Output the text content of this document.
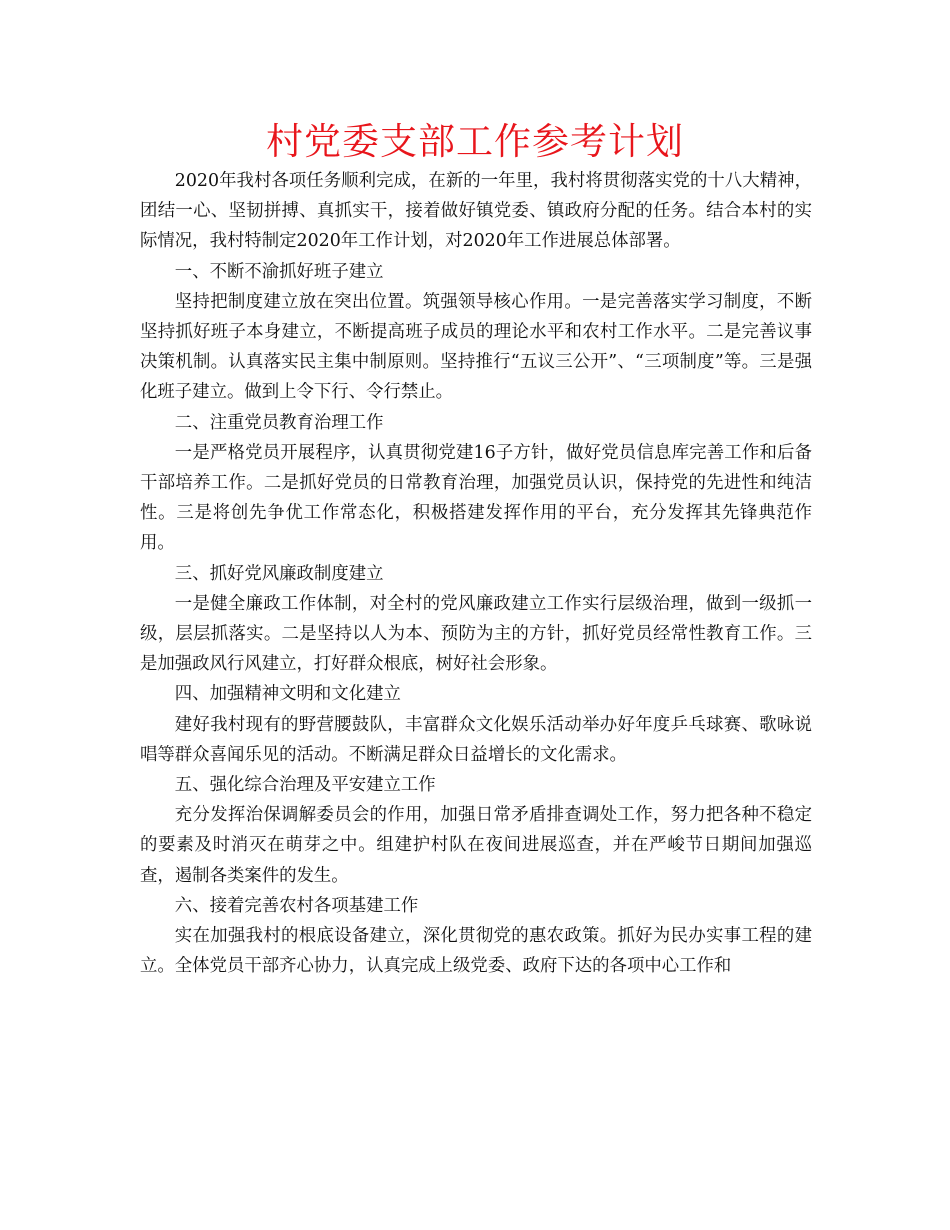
村党委支部工作参考计划

2020年我村各项任务顺利完成，在新的一年里，我村将贯彻落实党的十八大精神，团结一心、坚韧拼搏、真抓实干，接着做好镇党委、镇政府分配的任务。结合本村的实际情况，我村特制定2020年工作计划，对2020年工作进展总体部署。

一、不断不渝抓好班子建立

坚持把制度建立放在突出位置。筑强领导核心作用。一是完善落实学习制度，不断坚持抓好班子本身建立，不断提高班子成员的理论水平和农村工作水平。二是完善议事决策机制。认真落实民主集中制原则。坚持推行“五议三公开”、“三项制度”等。三是强化班子建立。做到上令下行、令行禁止。

二、注重党员教育治理工作

一是严格党员开展程序，认真贯彻党建16子方针，做好党员信息库完善工作和后备干部培养工作。二是抓好党员的日常教育治理，加强党员认识，保持党的先进性和纯洁性。三是将创先争优工作常态化，积极搭建发挥作用的平台，充分发挥其先锋典范作用。

三、抓好党风廉政制度建立

一是健全廉政工作体制，对全村的党风廉政建立工作实行层级治理，做到一级抓一级，层层抓落实。二是坚持以人为本、预防为主的方针，抓好党员经常性教育工作。三是加强政风行风建立，打好群众根底，树好社会形象。

四、加强精神文明和文化建立

建好我村现有的野营腰鼓队，丰富群众文化娱乐活动举办好年度乒乓球赛、歌咏说唱等群众喜闻乐见的活动。不断满足群众日益增长的文化需求。

五、强化综合治理及平安建立工作

充分发挥治保调解委员会的作用，加强日常矛盾排查调处工作，努力把各种不稳定的要素及时消灭在萌芽之中。组建护村队在夜间进展巡查，并在严峻节日期间加强巡查，遏制各类案件的发生。

六、接着完善农村各项基建工作

实在加强我村的根底设备建立，深化贯彻党的惠农政策。抓好为民办实事工程的建立。全体党员干部齐心协力，认真完成上级党委、政府下达的各项中心工作和
